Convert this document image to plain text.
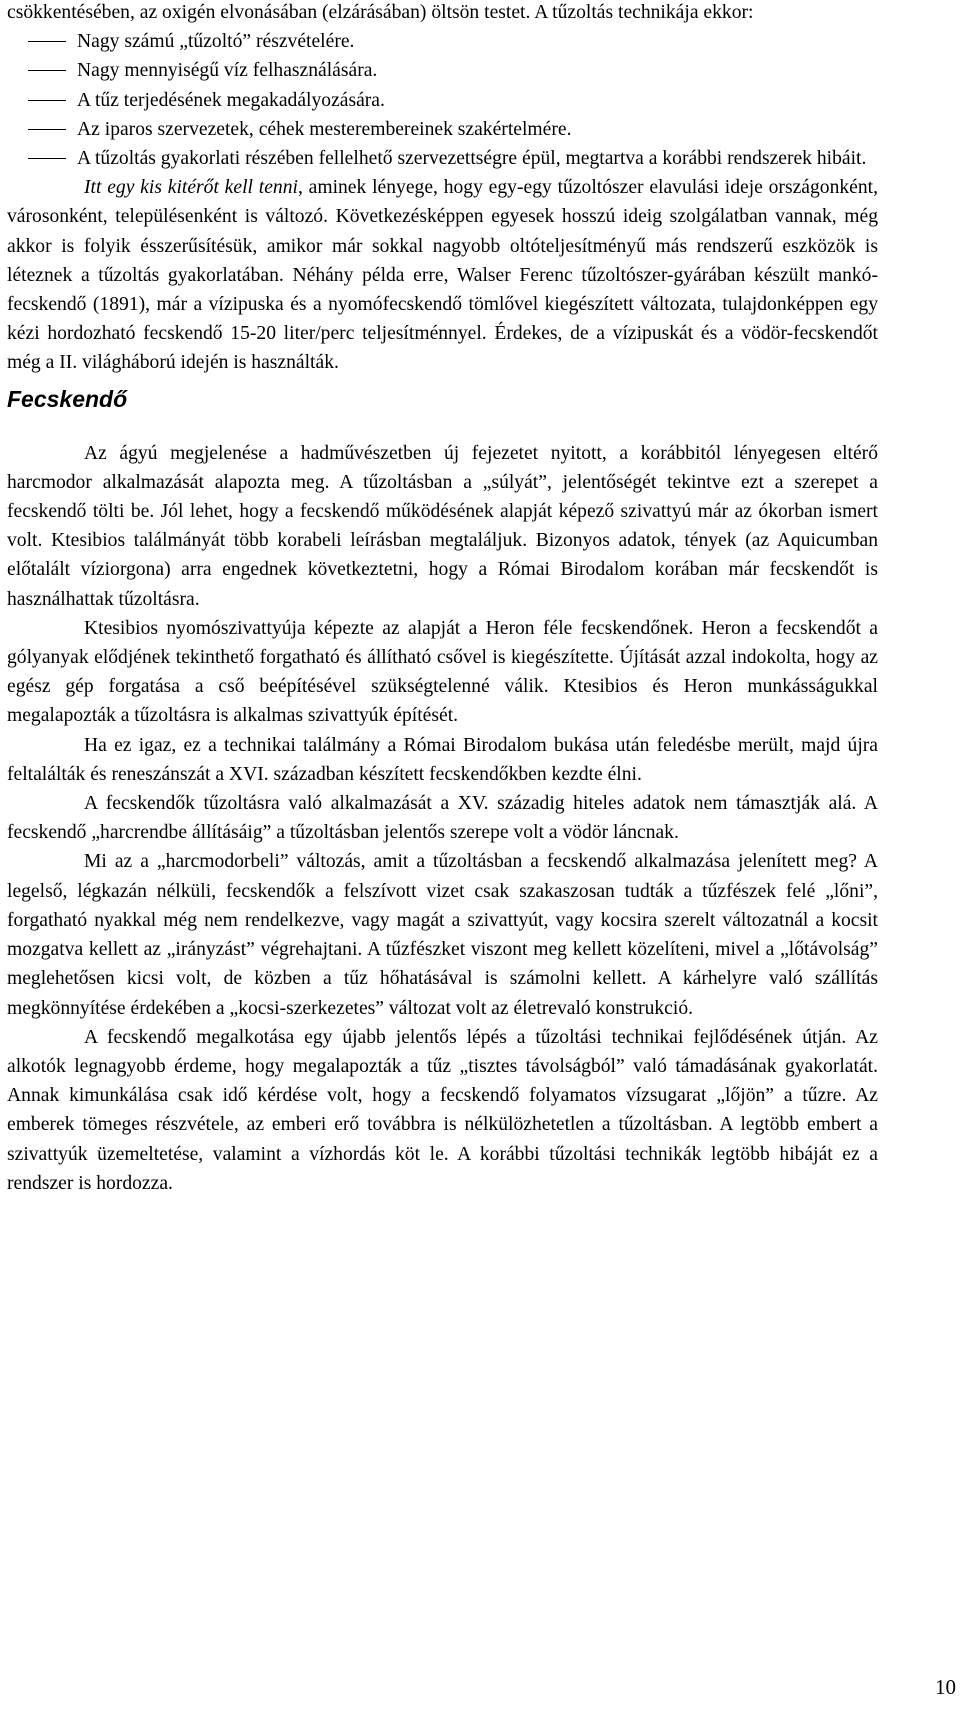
csökkentésében, az oxigén elvonásában (elzárásában) öltsön testet. A tűzoltás technikája ekkor:

Nagy számú „tűzoltó” részvételére.
Nagy mennyiségű víz felhasználására.
A tűz terjedésének megakadályozására.
Az iparos szervezetek, céhek mesterembereinek szakértelmére.
A tűzoltás gyakorlati részében fellelhető szervezettségre épül, megtartva a korábbi rendszerek hibáit.

Itt egy kis kitérőt kell tenni, aminek lényege, hogy egy-egy tűzoltószer elavulási ideje országonként, városonként, településenként is változó. Következésképpen egyesek hosszú ideig szolgálatban vannak, még akkor is folyik ésszerűsítésük, amikor már sokkal nagyobb oltóteljesítményű más rendszerű eszközök is léteznek a tűzoltás gyakorlatában. Néhány példa erre, Walser Ferenc tűzoltószer-gyárában készült mankó-fecskendő (1891), már a vízipuska és a nyomófecskendő tömlővel kiegészített változata, tulajdonképpen egy kézi hordozható fecskendő 15-20 liter/perc teljesítménnyel. Érdekes, de a vízipuskát és a vödör-fecskendőt még a II. világháború idején is használták.

Fecskendő

Az ágyú megjelenése a hadművészetben új fejezetet nyitott, a korábbitól lényegesen eltérő harcmodor alkalmazását alapozta meg. A tűzoltásban a „súlyát”, jelentőségét tekintve ezt a szerepet a fecskendő tölti be. Jól lehet, hogy a fecskendő működésének alapját képező szivattyú már az ókorban ismert volt. Ktesibios találmányát több korabeli leírásban megtaláljuk. Bizonyos adatok, tények (az Aquicumban előtalált víziorgona) arra engednek következtetni, hogy a Római Birodalom korában már fecskendőt is használhattak tűzoltásra.

Ktesibios nyomószivattyúja képezte az alapját a Heron féle fecskendőnek. Heron a fecskendőt a gólyanyak elődjének tekinthető forgatható és állítható csővel is kiegészítette. Újítását azzal indokolta, hogy az egész gép forgatása a cső beépítésével szükségtelenné válik. Ktesibios és Heron munkásságukkal megalapozták a tűzoltásra is alkalmas szivattyúk építését.

Ha ez igaz, ez a technikai találmány a Római Birodalom bukása után feledésbe merült, majd újra feltalálták és reneszánszát a XVI. században készített fecskendőkben kezdte élni.

A fecskendők tűzoltásra való alkalmazását a XV. századig hiteles adatok nem támasztják alá. A fecskendő „harcrendbe állításáig” a tűzoltásban jelentős szerepe volt a vödör láncnak.

Mi az a „harcmodorbeli” változás, amit a tűzoltásban a fecskendő alkalmazása jelenített meg? A legelső, légkazán nélküli, fecskendők a felszívott vizet csak szakaszosan tudták a tűzfészek felé „lőni”, forgatható nyakkal még nem rendelkezve, vagy magát a szivattyút, vagy kocsira szerelt változatnál a kocsit mozgatva kellett az „irányzást” végrehajtani. A tűzfészket viszont meg kellett közelíteni, mivel a „lőtávolság” meglehetősen kicsi volt, de közben a tűz hőhatásával is számolni kellett. A kárhelyre való szállítás megkönnyítése érdekében a „kocsi-szerkezetes” változat volt az életrevaló konstrukció.

A fecskendő megalkotása egy újabb jelentős lépés a tűzoltási technikai fejlődésének útján. Az alkotók legnagyobb érdeme, hogy megalapozták a tűz „tisztes távolságból” való támadásának gyakorlatát. Annak kimunkálása csak idő kérdése volt, hogy a fecskendő folyamatos vízsugarat „lőjön” a tűzre. Az emberek tömeges részvétele, az emberi erő továbbra is nélkülözhetetlen a tűzoltásban. A legtöbb embert a szivattyúk üzemeltetése, valamint a vízhordás köt le. A korábbi tűzoltási technikák legtöbb hibáját ez a rendszer is hordozza.

10
